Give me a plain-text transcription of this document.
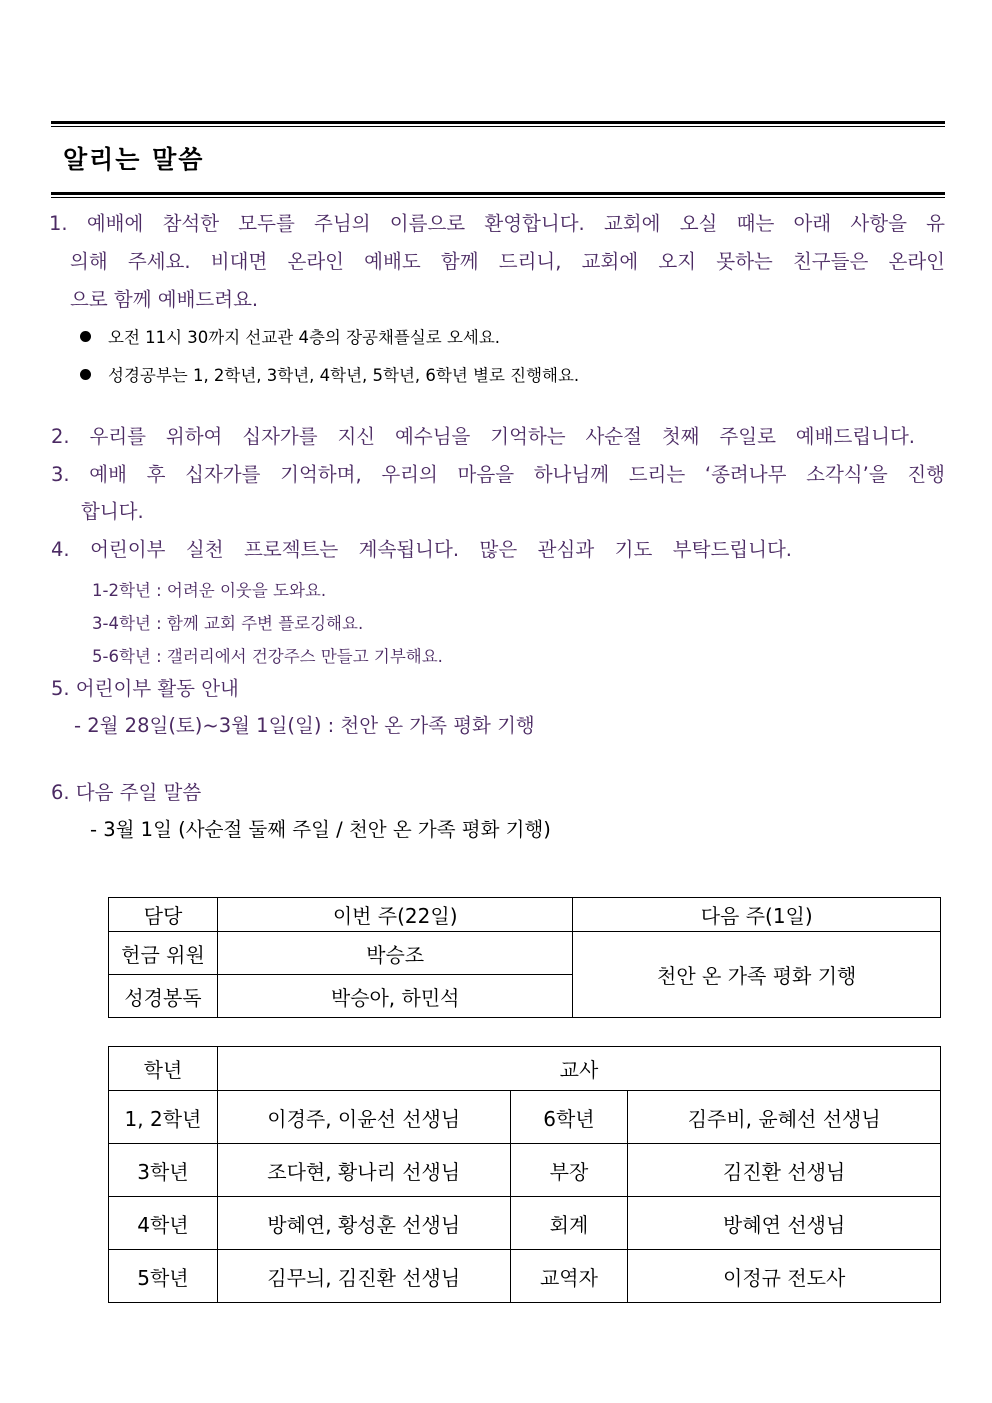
알리는 말씀
1. 예배에 참석한 모두를 주님의 이름으로 환영합니다. 교회에 오실 때는 아래 사항을 유
의해 주세요. 비대면 온라인 예배도 함께 드리니, 교회에 오지 못하는 친구들은 온라인
으로 함께 예배드려요.
오전 11시 30까지 선교관 4층의 장공채플실로 오세요.
성경공부는 1, 2학년, 3학년, 4학년, 5학년, 6학년 별로 진행해요.
2. 우리를 위하여 십자가를 지신 예수님을 기억하는 사순절 첫째 주일로 예배드립니다.
3. 예배 후 십자가를 기억하며, 우리의 마음을 하나님께 드리는 ‘종려나무 소각식’을 진행
합니다.
4. 어린이부 실천 프로젝트는 계속됩니다. 많은 관심과 기도 부탁드립니다.
1-2학년 : 어려운 이웃을 도와요.
3-4학년 : 함께 교회 주변 플로깅해요.
5-6학년 : 갤러리에서 건강주스 만들고 기부해요.
5. 어린이부 활동 안내
- 2월 28일(토)~3월 1일(일) : 천안 온 가족 평화 기행
6. 다음 주일 말씀
- 3월 1일 (사순절 둘째 주일 / 천안 온 가족 평화 기행)
담당	이번 주(22일)	다음 주(1일)
헌금 위원	박승조	천안 온 가족 평화 기행
성경봉독	박승아, 하민석	
학년	교사		
1, 2학년	이경주, 이윤선 선생님	6학년	김주비, 윤혜선 선생님
3학년	조다현, 황나리 선생님	부장	김진환 선생님
4학년	방혜연, 황성훈 선생님	회계	방혜연 선생님
5학년	김무늬, 김진환 선생님	교역자	이정규 전도사
